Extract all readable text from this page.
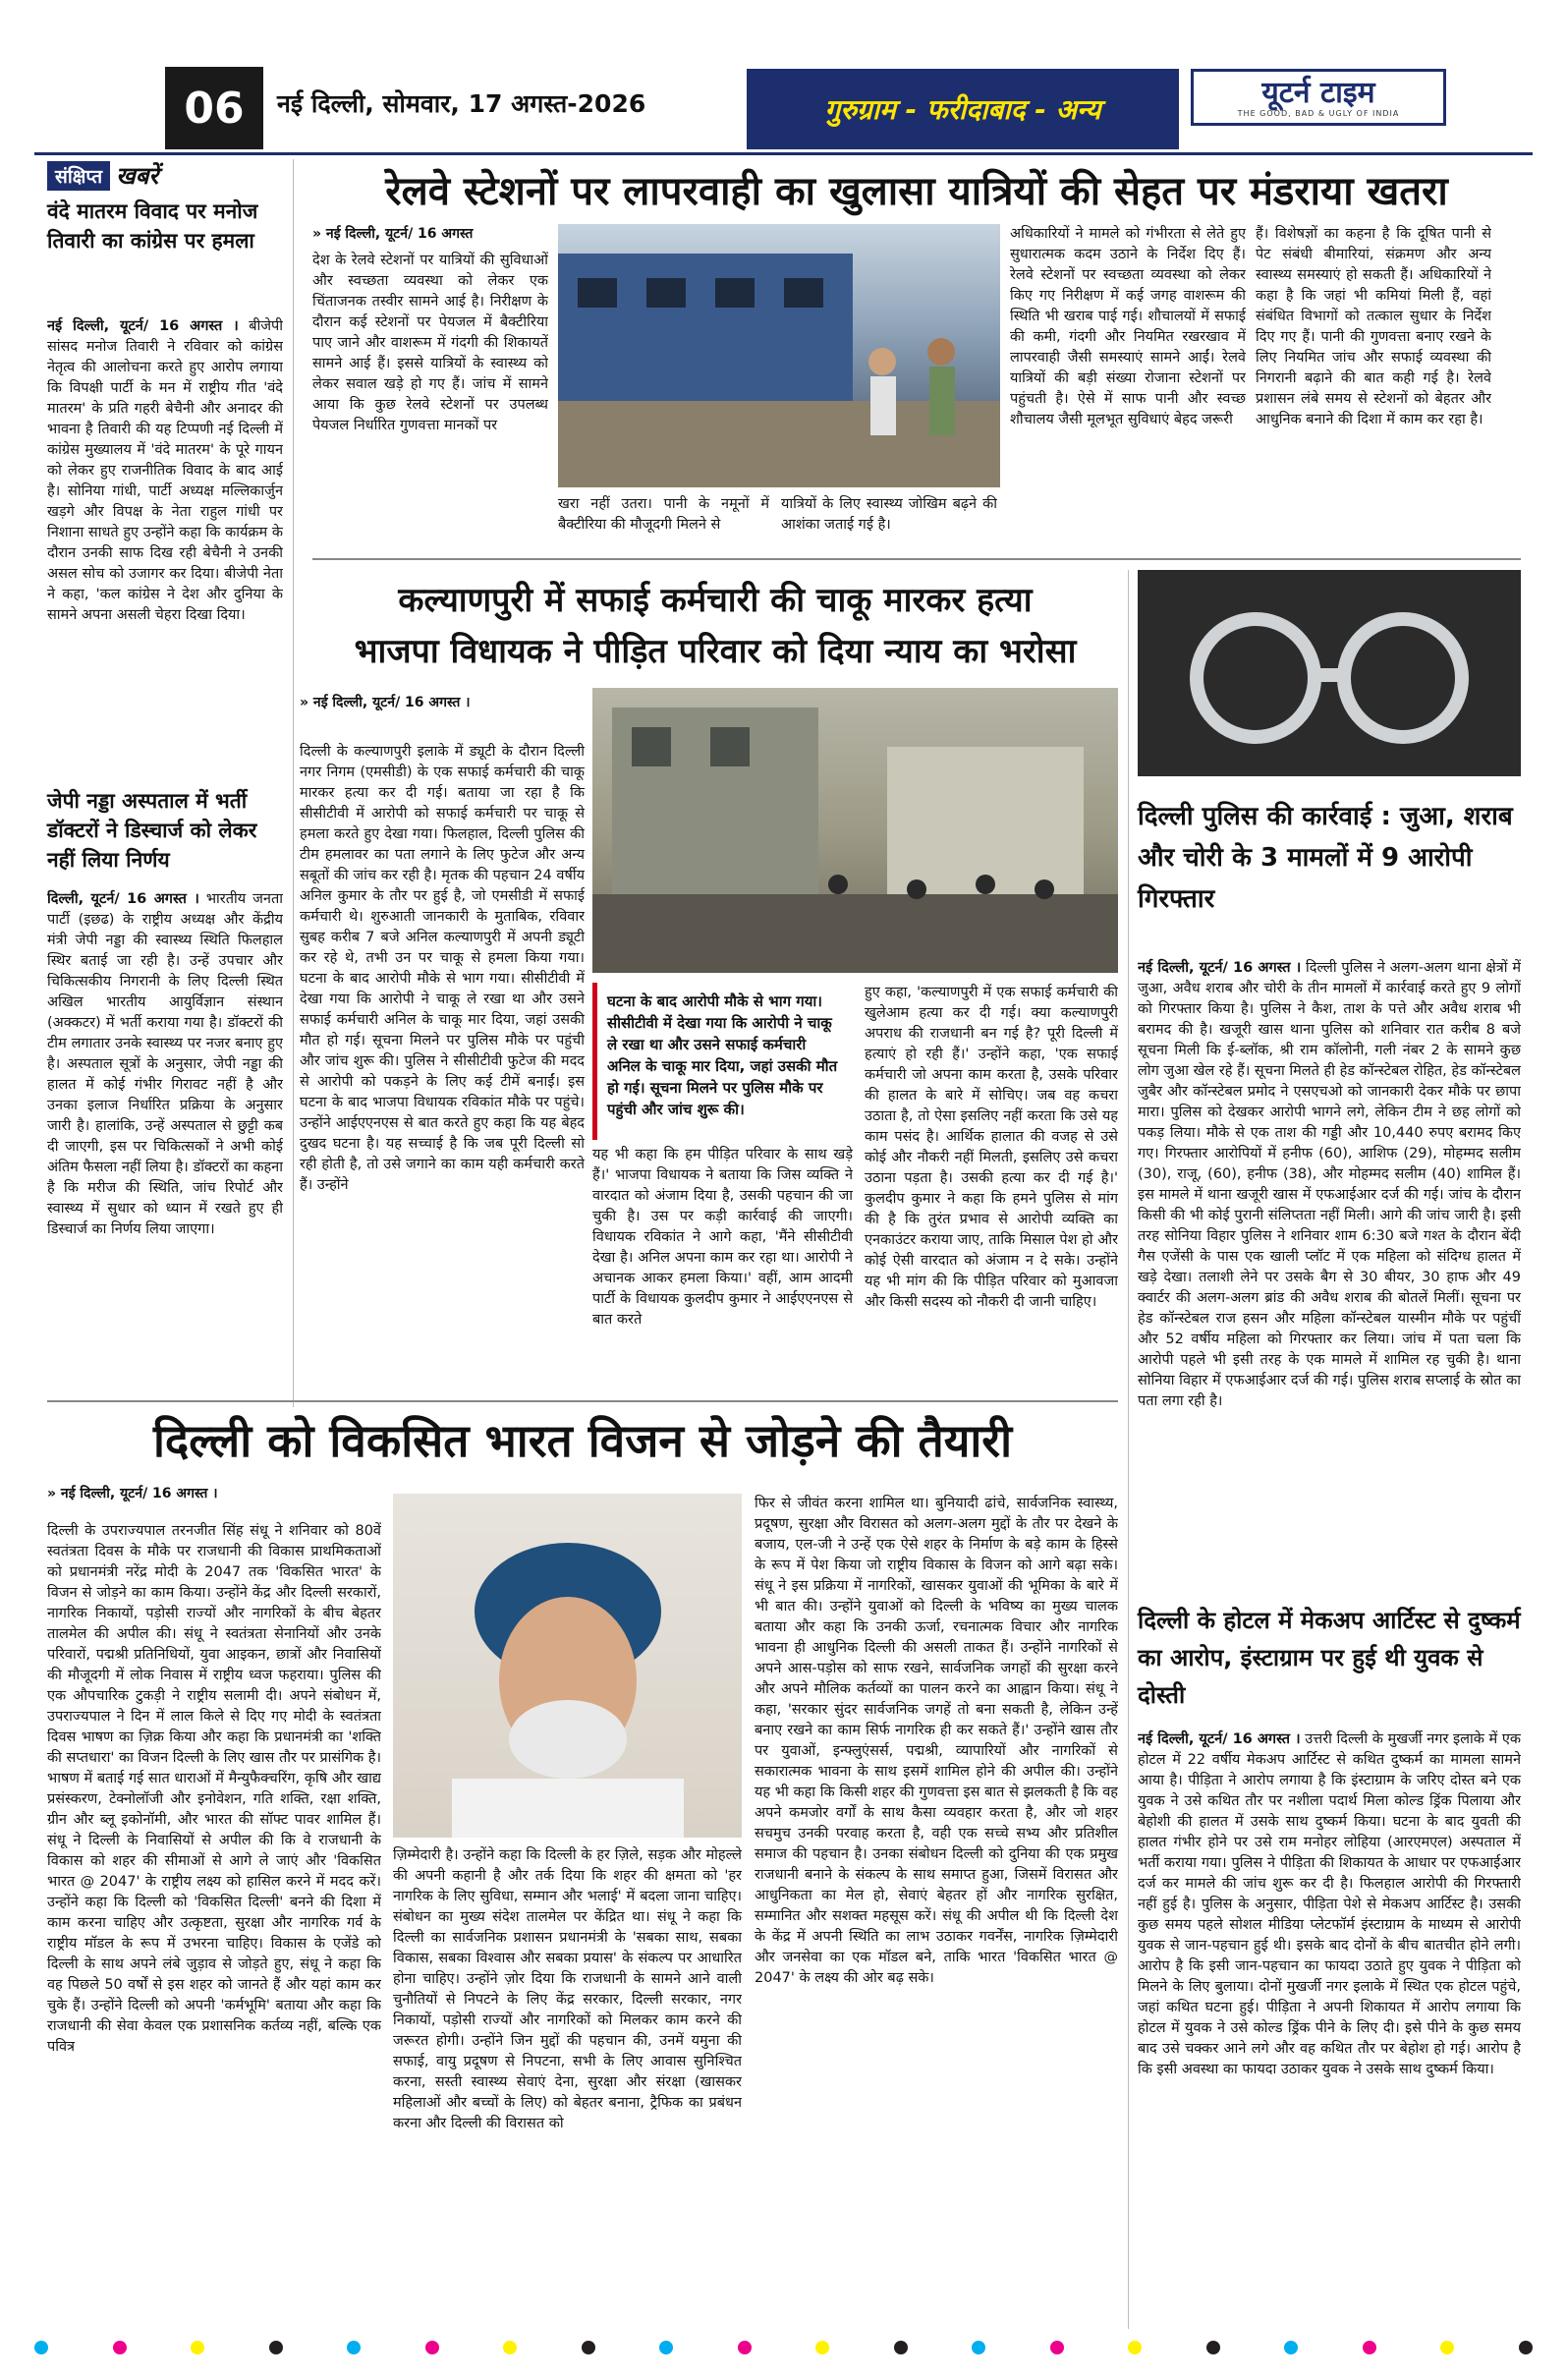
06	नई दिल्ली, सोमवार, 17 अगस्त-2026	गुरुग्राम - फरीदाबाद - अन्य	यूटर्न टाइम
THE GOOD, BAD & UGLY OF INDIA
संक्षिप्त खबरें
वंदे मातरम विवाद पर मनोज तिवारी का कांग्रेस पर हमला
नई दिल्ली, यूटर्न/ 16 अगस्त । बीजेपी सांसद मनोज तिवारी ने रविवार को कांग्रेस नेतृत्व की आलोचना करते हुए आरोप लगाया कि विपक्षी पार्टी के मन में राष्ट्रीय गीत 'वंदे मातरम' के प्रति गहरी बेचैनी और अनादर की भावना है तिवारी की यह टिप्पणी नई दिल्ली में कांग्रेस मुख्यालय में 'वंदे मातरम' के पूरे गायन को लेकर हुए राजनीतिक विवाद के बाद आई है। सोनिया गांधी, पार्टी अध्यक्ष मल्लिकार्जुन खड़गे और विपक्ष के नेता राहुल गांधी पर निशाना साधते हुए उन्होंने कहा कि कार्यक्रम के दौरान उनकी साफ दिख रही बेचैनी ने उनकी असल सोच को उजागर कर दिया। बीजेपी नेता ने कहा, 'कल कांग्रेस ने देश और दुनिया के सामने अपना असली चेहरा दिखा दिया।
जेपी नड्डा अस्पताल में भर्ती डॉक्टरों ने डिस्चार्ज को लेकर नहीं लिया निर्णय
दिल्ली, यूटर्न/ 16 अगस्त । भारतीय जनता पार्टी (इछढ) के राष्ट्रीय अध्यक्ष और केंद्रीय मंत्री जेपी नड्डा की स्वास्थ्य स्थिति फिलहाल स्थिर बताई जा रही है। उन्हें उपचार और चिकित्सकीय निगरानी के लिए दिल्ली स्थित अखिल भारतीय आयुर्विज्ञान संस्थान (अक्कटर) में भर्ती कराया गया है। डॉक्टरों की टीम लगातार उनके स्वास्थ्य पर नजर बनाए हुए है। अस्पताल सूत्रों के अनुसार, जेपी नड्डा की हालत में कोई गंभीर गिरावट नहीं है और उनका इलाज निर्धारित प्रक्रिया के अनुसार जारी है। हालांकि, उन्हें अस्पताल से छुट्टी कब दी जाएगी, इस पर चिकित्सकों ने अभी कोई अंतिम फैसला नहीं लिया है। डॉक्टरों का कहना है कि मरीज की स्थिति, जांच रिपोर्ट और स्वास्थ्य में सुधार को ध्यान में रखते हुए ही डिस्चार्ज का निर्णय लिया जाएगा।
रेलवे स्टेशनों पर लापरवाही का खुलासा यात्रियों की सेहत पर मंडराया खतरा
» नई दिल्ली, यूटर्न/ 16 अगस्त
देश के रेलवे स्टेशनों पर यात्रियों की सुविधाओं और स्वच्छता व्यवस्था को लेकर एक चिंताजनक तस्वीर सामने आई है। निरीक्षण के दौरान कई स्टेशनों पर पेयजल में बैक्टीरिया पाए जाने और वाशरूम में गंदगी की शिकायतें सामने आई हैं। इससे यात्रियों के स्वास्थ्य को लेकर सवाल खड़े हो गए हैं। जांच में सामने आया कि कुछ रेलवे स्टेशनों पर उपलब्ध पेयजल निर्धारित गुणवत्ता मानकों पर
खरा नहीं उतरा। पानी के नमूनों में बैक्टीरिया की मौजूदगी मिलने से
यात्रियों के लिए स्वास्थ्य जोखिम बढ़ने की आशंका जताई गई है।
अधिकारियों ने मामले को गंभीरता से लेते हुए सुधारात्मक कदम उठाने के निर्देश दिए हैं। रेलवे स्टेशनों पर स्वच्छता व्यवस्था को लेकर किए गए निरीक्षण में कई जगह वाशरूम की स्थिति भी खराब पाई गई। शौचालयों में सफाई की कमी, गंदगी और नियमित रखरखाव में लापरवाही जैसी समस्याएं सामने आईं। रेलवे यात्रियों की बड़ी संख्या रोजाना स्टेशनों पर पहुंचती है। ऐसे में साफ पानी और स्वच्छ शौचालय जैसी मूलभूत सुविधाएं बेहद जरूरी
हैं। विशेषज्ञों का कहना है कि दूषित पानी से पेट संबंधी बीमारियां, संक्रमण और अन्य स्वास्थ्य समस्याएं हो सकती हैं। अधिकारियों ने कहा है कि जहां भी कमियां मिली हैं, वहां संबंधित विभागों को तत्काल सुधार के निर्देश दिए गए हैं। पानी की गुणवत्ता बनाए रखने के लिए नियमित जांच और सफाई व्यवस्था की निगरानी बढ़ाने की बात कही गई है। रेलवे प्रशासन लंबे समय से स्टेशनों को बेहतर और आधुनिक बनाने की दिशा में काम कर रहा है।
कल्याणपुरी में सफाई कर्मचारी की चाकू मारकर हत्या
भाजपा विधायक ने पीड़ित परिवार को दिया न्याय का भरोसा
» नई दिल्ली, यूटर्न/ 16 अगस्त ।
दिल्ली के कल्याणपुरी इलाके में ड्यूटी के दौरान दिल्ली नगर निगम (एमसीडी) के एक सफाई कर्मचारी की चाकू मारकर हत्या कर दी गई। बताया जा रहा है कि सीसीटीवी में आरोपी को सफाई कर्मचारी पर चाकू से हमला करते हुए देखा गया। फिलहाल, दिल्ली पुलिस की टीम हमलावर का पता लगाने के लिए फुटेज और अन्य सबूतों की जांच कर रही है। मृतक की पहचान 24 वर्षीय अनिल कुमार के तौर पर हुई है, जो एमसीडी में सफाई कर्मचारी थे। शुरुआती जानकारी के मुताबिक, रविवार सुबह करीब 7 बजे अनिल कल्याणपुरी में अपनी ड्यूटी कर रहे थे, तभी उन पर चाकू से हमला किया गया। घटना के बाद आरोपी मौके से भाग गया। सीसीटीवी में देखा गया कि आरोपी ने चाकू ले रखा था और उसने सफाई कर्मचारी अनिल के चाकू मार दिया, जहां उसकी मौत हो गई। सूचना मिलने पर पुलिस मौके पर पहुंची और जांच शुरू की। पुलिस ने सीसीटीवी फुटेज की मदद से आरोपी को पकड़ने के लिए कई टीमें बनाईं। इस घटना के बाद भाजपा विधायक रविकांत मौके पर पहुंचे। उन्होंने आईएएनएस से बात करते हुए कहा कि यह बेहद दुखद घटना है। यह सच्चाई है कि जब पूरी दिल्ली सो रही होती है, तो उसे जगाने का काम यही कर्मचारी करते हैं। उन्होंने
घटना के बाद आरोपी मौके से भाग गया। सीसीटीवी में देखा गया कि आरोपी ने चाकू ले रखा था और उसने सफाई कर्मचारी अनिल के चाकू मार दिया, जहां उसकी मौत हो गई। सूचना मिलने पर पुलिस मौके पर पहुंची और जांच शुरू की।
यह भी कहा कि हम पीड़ित परिवार के साथ खड़े हैं।' भाजपा विधायक ने बताया कि जिस व्यक्ति ने वारदात को अंजाम दिया है, उसकी पहचान की जा चुकी है। उस पर कड़ी कार्रवाई की जाएगी। विधायक रविकांत ने आगे कहा, 'मैंने सीसीटीवी देखा है। अनिल अपना काम कर रहा था। आरोपी ने अचानक आकर हमला किया।' वहीं, आम आदमी पार्टी के विधायक कुलदीप कुमार ने आईएएनएस से बात करते
हुए कहा, 'कल्याणपुरी में एक सफाई कर्मचारी की खुलेआम हत्या कर दी गई। क्या कल्याणपुरी अपराध की राजधानी बन गई है? पूरी दिल्ली में हत्याएं हो रही हैं।' उन्होंने कहा, 'एक सफाई कर्मचारी जो अपना काम करता है, उसके परिवार की हालत के बारे में सोचिए। जब वह कचरा उठाता है, तो ऐसा इसलिए नहीं करता कि उसे यह काम पसंद है। आर्थिक हालात की वजह से उसे कोई और नौकरी नहीं मिलती, इसलिए उसे कचरा उठाना पड़ता है। उसकी हत्या कर दी गई है।' कुलदीप कुमार ने कहा कि हमने पुलिस से मांग की है कि तुरंत प्रभाव से आरोपी व्यक्ति का एनकाउंटर कराया जाए, ताकि मिसाल पेश हो और कोई ऐसी वारदात को अंजाम न दे सके। उन्होंने यह भी मांग की कि पीड़ित परिवार को मुआवजा और किसी सदस्य को नौकरी दी जानी चाहिए।
दिल्ली पुलिस की कार्रवाई : जुआ, शराब और चोरी के 3 मामलों में 9 आरोपी गिरफ्तार
नई दिल्ली, यूटर्न/ 16 अगस्त । दिल्ली पुलिस ने अलग-अलग थाना क्षेत्रों में जुआ, अवैध शराब और चोरी के तीन मामलों में कार्रवाई करते हुए 9 लोगों को गिरफ्तार किया है। पुलिस ने कैश, ताश के पत्ते और अवैध शराब भी बरामद की है। खजूरी खास थाना पुलिस को शनिवार रात करीब 8 बजे सूचना मिली कि ई-ब्लॉक, श्री राम कॉलोनी, गली नंबर 2 के सामने कुछ लोग जुआ खेल रहे हैं। सूचना मिलते ही हेड कॉन्स्टेबल रोहित, हेड कॉन्स्टेबल जुबैर और कॉन्स्टेबल प्रमोद ने एसएचओ को जानकारी देकर मौके पर छापा मारा। पुलिस को देखकर आरोपी भागने लगे, लेकिन टीम ने छह लोगों को पकड़ लिया। मौके से एक ताश की गड्डी और 10,440 रुपए बरामद किए गए। गिरफ्तार आरोपियों में हनीफ (60), आशिफ (29), मोहम्मद सलीम (30), राजू, (60), हनीफ (38), और मोहम्मद सलीम (40) शामिल हैं। इस मामले में थाना खजूरी खास में एफआईआर दर्ज की गई। जांच के दौरान किसी की भी कोई पुरानी संलिप्तता नहीं मिली। आगे की जांच जारी है। इसी तरह सोनिया विहार पुलिस ने शनिवार शाम 6:30 बजे गश्त के दौरान बेंदी गैस एजेंसी के पास एक खाली प्लॉट में एक महिला को संदिग्ध हालत में खड़े देखा। तलाशी लेने पर उसके बैग से 30 बीयर, 30 हाफ और 49 क्वार्टर की अलग-अलग ब्रांड की अवैध शराब की बोतलें मिलीं। सूचना पर हेड कॉन्स्टेबल राज हसन और महिला कॉन्स्टेबल यास्मीन मौके पर पहुंचीं और 52 वर्षीय महिला को गिरफ्तार कर लिया। जांच में पता चला कि आरोपी पहले भी इसी तरह के एक मामले में शामिल रह चुकी है। थाना सोनिया विहार में एफआईआर दर्ज की गई। पुलिस शराब सप्लाई के स्रोत का पता लगा रही है।
दिल्ली के होटल में मेकअप आर्टिस्ट से दुष्कर्म का आरोप, इंस्टाग्राम पर हुई थी युवक से दोस्ती
नई दिल्ली, यूटर्न/ 16 अगस्त । उत्तरी दिल्ली के मुखर्जी नगर इलाके में एक होटल में 22 वर्षीय मेकअप आर्टिस्ट से कथित दुष्कर्म का मामला सामने आया है। पीड़िता ने आरोप लगाया है कि इंस्टाग्राम के जरिए दोस्त बने एक युवक ने उसे कथित तौर पर नशीला पदार्थ मिला कोल्ड ड्रिंक पिलाया और बेहोशी की हालत में उसके साथ दुष्कर्म किया। घटना के बाद युवती की हालत गंभीर होने पर उसे राम मनोहर लोहिया (आरएमएल) अस्पताल में भर्ती कराया गया। पुलिस ने पीड़िता की शिकायत के आधार पर एफआईआर दर्ज कर मामले की जांच शुरू कर दी है। फिलहाल आरोपी की गिरफ्तारी नहीं हुई है। पुलिस के अनुसार, पीड़िता पेशे से मेकअप आर्टिस्ट है। उसकी कुछ समय पहले सोशल मीडिया प्लेटफॉर्म इंस्टाग्राम के माध्यम से आरोपी युवक से जान-पहचान हुई थी। इसके बाद दोनों के बीच बातचीत होने लगी। आरोप है कि इसी जान-पहचान का फायदा उठाते हुए युवक ने पीड़िता को मिलने के लिए बुलाया। दोनों मुखर्जी नगर इलाके में स्थित एक होटल पहुंचे, जहां कथित घटना हुई। पीड़िता ने अपनी शिकायत में आरोप लगाया कि होटल में युवक ने उसे कोल्ड ड्रिंक पीने के लिए दी। इसे पीने के कुछ समय बाद उसे चक्कर आने लगे और वह कथित तौर पर बेहोश हो गई। आरोप है कि इसी अवस्था का फायदा उठाकर युवक ने उसके साथ दुष्कर्म किया।
दिल्ली को विकसित भारत विजन से जोड़ने की तैयारी
» नई दिल्ली, यूटर्न/ 16 अगस्त ।
दिल्ली के उपराज्यपाल तरनजीत सिंह संधू ने शनिवार को 80वें स्वतंत्रता दिवस के मौके पर राजधानी की विकास प्राथमिकताओं को प्रधानमंत्री नरेंद्र मोदी के 2047 तक 'विकसित भारत' के विजन से जोड़ने का काम किया। उन्होंने केंद्र और दिल्ली सरकारों, नागरिक निकायों, पड़ोसी राज्यों और नागरिकों के बीच बेहतर तालमेल की अपील की। संधू ने स्वतंत्रता सेनानियों और उनके परिवारों, पद्मश्री प्रतिनिधियों, युवा आइकन, छात्रों और निवासियों की मौजूदगी में लोक निवास में राष्ट्रीय ध्वज फहराया। पुलिस की एक औपचारिक टुकड़ी ने राष्ट्रीय सलामी दी। अपने संबोधन में, उपराज्यपाल ने दिन में लाल किले से दिए गए मोदी के स्वतंत्रता दिवस भाषण का ज़िक्र किया और कहा कि प्रधानमंत्री का 'शक्ति की सप्तधारा' का विजन दिल्ली के लिए खास तौर पर प्रासंगिक है। भाषण में बताई गई सात धाराओं में मैन्युफैक्चरिंग, कृषि और खाद्य प्रसंस्करण, टेक्नोलॉजी और इनोवेशन, गति शक्ति, रक्षा शक्ति, ग्रीन और ब्लू इकोनॉमी, और भारत की सॉफ्ट पावर शामिल हैं। संधू ने दिल्ली के निवासियों से अपील की कि वे राजधानी के विकास को शहर की सीमाओं से आगे ले जाएं और 'विकसित भारत @ 2047' के राष्ट्रीय लक्ष्य को हासिल करने में मदद करें। उन्होंने कहा कि दिल्ली को 'विकसित दिल्ली' बनने की दिशा में काम करना चाहिए और उत्कृष्टता, सुरक्षा और नागरिक गर्व के राष्ट्रीय मॉडल के रूप में उभरना चाहिए। विकास के एजेंडे को दिल्ली के साथ अपने लंबे जुड़ाव से जोड़ते हुए, संधू ने कहा कि वह पिछले 50 वर्षों से इस शहर को जानते हैं और यहां काम कर चुके हैं। उन्होंने दिल्ली को अपनी 'कर्मभूमि' बताया और कहा कि राजधानी की सेवा केवल एक प्रशासनिक कर्तव्य नहीं, बल्कि एक पवित्र
ज़िम्मेदारी है। उन्होंने कहा कि दिल्ली के हर ज़िले, सड़क और मोहल्ले की अपनी कहानी है और तर्क दिया कि शहर की क्षमता को 'हर नागरिक के लिए सुविधा, सम्मान और भलाई' में बदला जाना चाहिए। संबोधन का मुख्य संदेश तालमेल पर केंद्रित था। संधू ने कहा कि दिल्ली का सार्वजनिक प्रशासन प्रधानमंत्री के 'सबका साथ, सबका विकास, सबका विश्वास और सबका प्रयास' के संकल्प पर आधारित होना चाहिए। उन्होंने ज़ोर दिया कि राजधानी के सामने आने वाली चुनौतियों से निपटने के लिए केंद्र सरकार, दिल्ली सरकार, नगर निकायों, पड़ोसी राज्यों और नागरिकों को मिलकर काम करने की जरूरत होगी। उन्होंने जिन मुद्दों की पहचान की, उनमें यमुना की सफाई, वायु प्रदूषण से निपटना, सभी के लिए आवास सुनिश्चित करना, सस्ती स्वास्थ्य सेवाएं देना, सुरक्षा और संरक्षा (खासकर महिलाओं और बच्चों के लिए) को बेहतर बनाना, ट्रैफिक का प्रबंधन करना और दिल्ली की विरासत को
फिर से जीवंत करना शामिल था। बुनियादी ढांचे, सार्वजनिक स्वास्थ्य, प्रदूषण, सुरक्षा और विरासत को अलग-अलग मुद्दों के तौर पर देखने के बजाय, एल-जी ने उन्हें एक ऐसे शहर के निर्माण के बड़े काम के हिस्से के रूप में पेश किया जो राष्ट्रीय विकास के विजन को आगे बढ़ा सके। संधू ने इस प्रक्रिया में नागरिकों, खासकर युवाओं की भूमिका के बारे में भी बात की। उन्होंने युवाओं को दिल्ली के भविष्य का मुख्य चालक बताया और कहा कि उनकी ऊर्जा, रचनात्मक विचार और नागरिक भावना ही आधुनिक दिल्ली की असली ताकत हैं। उन्होंने नागरिकों से अपने आस-पड़ोस को साफ रखने, सार्वजनिक जगहों की सुरक्षा करने और अपने मौलिक कर्तव्यों का पालन करने का आह्वान किया। संधू ने कहा, 'सरकार सुंदर सार्वजनिक जगहें तो बना सकती है, लेकिन उन्हें बनाए रखने का काम सिर्फ नागरिक ही कर सकते हैं।' उन्होंने खास तौर पर युवाओं, इन्फ्लुएंसर्स, पद्मश्री, व्यापारियों और नागरिकों से सकारात्मक भावना के साथ इसमें शामिल होने की अपील की। उन्होंने यह भी कहा कि किसी शहर की गुणवत्ता इस बात से झलकती है कि वह अपने कमजोर वर्गों के साथ कैसा व्यवहार करता है, और जो शहर सचमुच उनकी परवाह करता है, वही एक सच्चे सभ्य और प्रतिशील समाज की पहचान है। उनका संबोधन दिल्ली को दुनिया की एक प्रमुख राजधानी बनाने के संकल्प के साथ समाप्त हुआ, जिसमें विरासत और आधुनिकता का मेल हो, सेवाएं बेहतर हों और नागरिक सुरक्षित, सम्मानित और सशक्त महसूस करें। संधू की अपील थी कि दिल्ली देश के केंद्र में अपनी स्थिति का लाभ उठाकर गवर्नेंस, नागरिक ज़िम्मेदारी और जनसेवा का एक मॉडल बने, ताकि भारत 'विकसित भारत @ 2047' के लक्ष्य की ओर बढ़ सके।
